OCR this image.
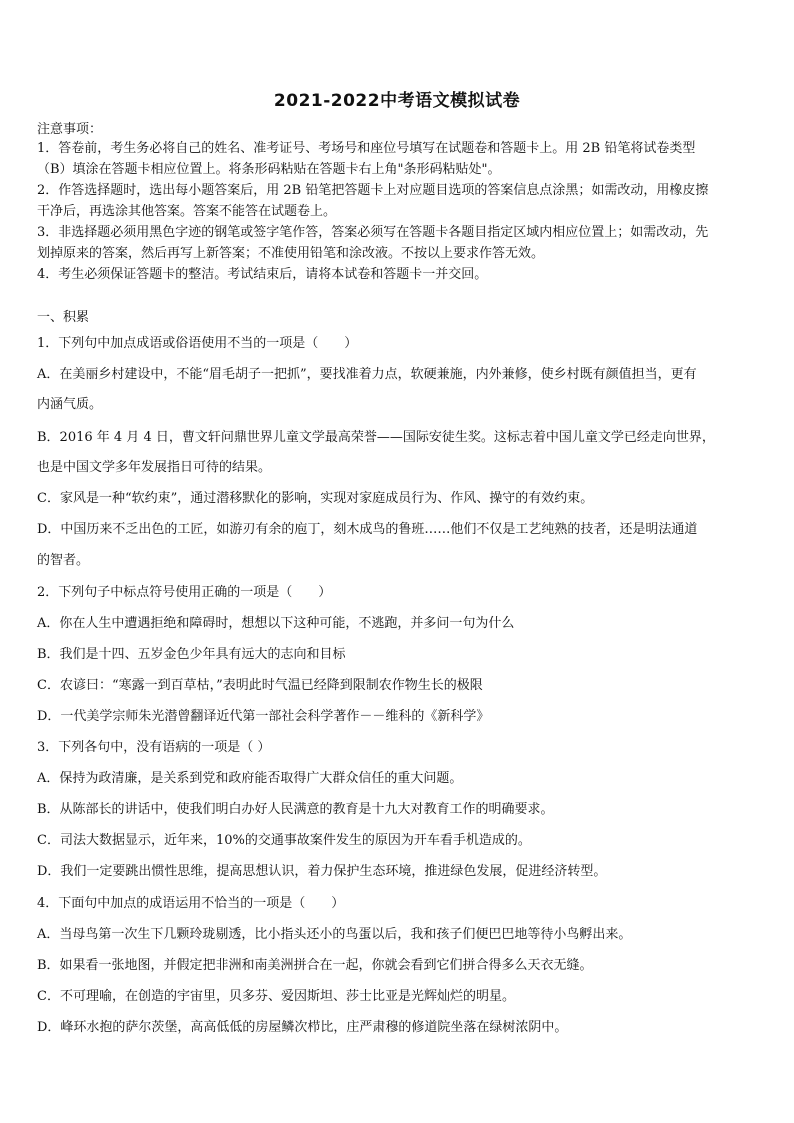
2021-2022中考语文模拟试卷
注意事项：
1．答卷前，考生务必将自己的姓名、准考证号、考场号和座位号填写在试题卷和答题卡上。用 2B 铅笔将试卷类型
（B）填涂在答题卡相应位置上。将条形码粘贴在答题卡右上角"条形码粘贴处"。
2．作答选择题时，选出每小题答案后，用 2B 铅笔把答题卡上对应题目选项的答案信息点涂黑；如需改动，用橡皮擦
干净后，再选涂其他答案。答案不能答在试题卷上。
3．非选择题必须用黑色字迹的钢笔或签字笔作答，答案必须写在答题卡各题目指定区域内相应位置上；如需改动，先
划掉原来的答案，然后再写上新答案；不准使用铅笔和涂改液。不按以上要求作答无效。
4．考生必须保证答题卡的整洁。考试结束后，请将本试卷和答题卡一并交回。
一、积累
1．下列句中加点成语或俗语使用不当的一项是（　　）
A．在美丽乡村建设中，不能“眉毛胡子一把抓”，要找准着力点，软硬兼施，内外兼修，使乡村既有颜值担当，更有
内涵气质。
B．2016 年 4 月 4 日，曹文轩问鼎世界儿童文学最高荣誉——国际安徒生奖。这标志着中国儿童文学已经走向世界，
也是中国文学多年发展指日可待的结果。
C．家风是一种“软约束”，通过潜移默化的影响，实现对家庭成员行为、作风、操守的有效约束。
D．中国历来不乏出色的工匠，如游刃有余的庖丁，刻木成鸟的鲁班……他们不仅是工艺纯熟的技者，还是明法通道
的智者。
2．下列句子中标点符号使用正确的一项是（　　）
A．你在人生中遭遇拒绝和障碍时，想想以下这种可能，不逃跑，并多问一句为什么
B．我们是十四、五岁金色少年具有远大的志向和目标
C．农谚曰：“寒露一到百草枯，”表明此时气温已经降到限制农作物生长的极限
D．一代美学宗师朱光潜曾翻译近代第一部社会科学著作－－维科的《新科学》
3．下列各句中，没有语病的一项是（ ）
A．保持为政清廉，是关系到党和政府能否取得广大群众信任的重大问题。
B．从陈部长的讲话中，使我们明白办好人民满意的教育是十九大对教育工作的明确要求。
C．司法大数据显示，近年来，10%的交通事故案件发生的原因为开车看手机造成的。
D．我们一定要跳出惯性思维，提高思想认识，着力保护生态环境，推进绿色发展，促进经济转型。
4．下面句中加点的成语运用不恰当的一项是（　　）
A．当母鸟第一次生下几颗玲珑剔透，比小指头还小的鸟蛋以后，我和孩子们便巴巴地等待小鸟孵出来。
B．如果看一张地图，并假定把非洲和南美洲拼合在一起，你就会看到它们拼合得多么天衣无缝。
C．不可理喻，在创造的宇宙里，贝多芬、爱因斯坦、莎士比亚是光辉灿烂的明星。
D．峰环水抱的萨尔茨堡，高高低低的房屋鳞次栉比，庄严肃穆的修道院坐落在绿树浓阴中。
